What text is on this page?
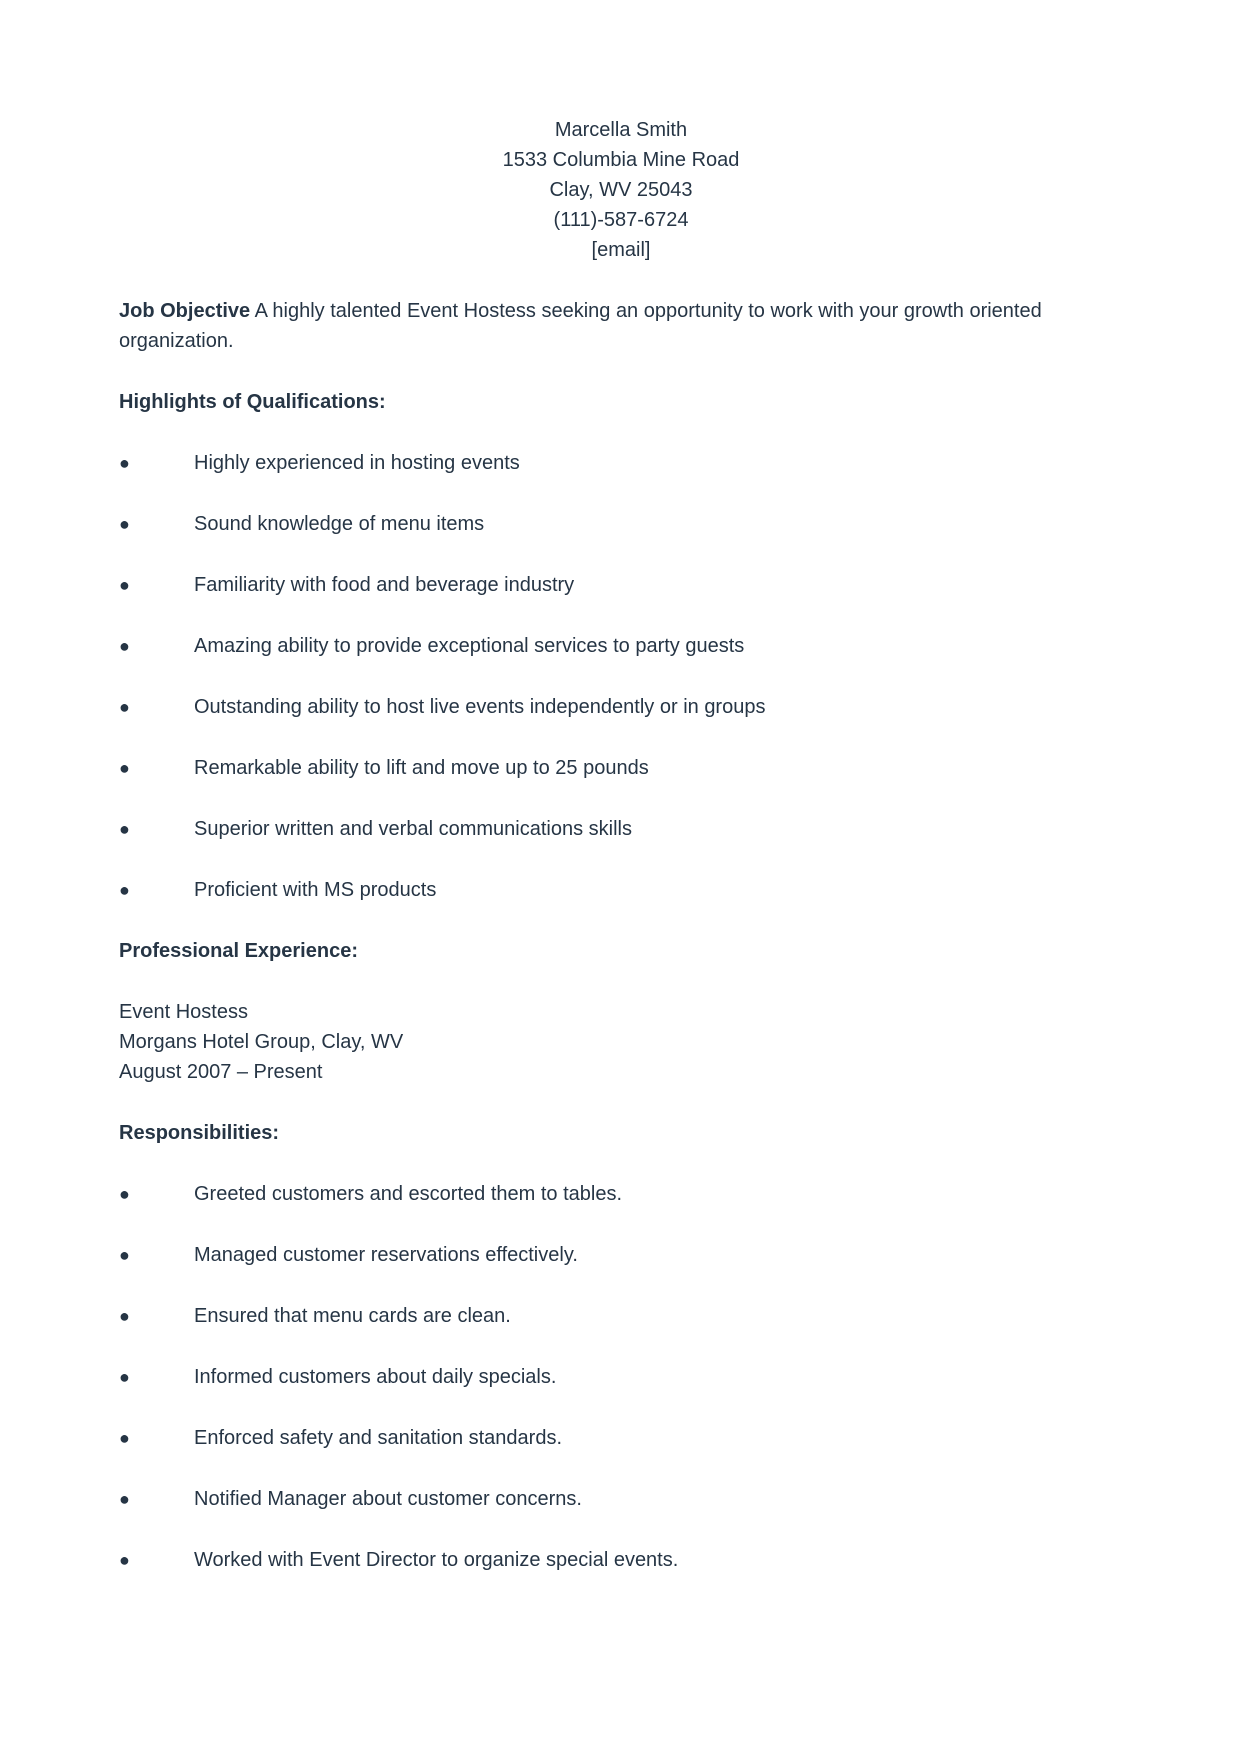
Marcella Smith
1533 Columbia Mine Road
Clay, WV 25043
(111)-587-6724
[email]

Job Objective A highly talented Event Hostess seeking an opportunity to work with your growth oriented organization.

Highlights of Qualifications:
●	Highly experienced in hosting events
●	Sound knowledge of menu items
●	Familiarity with food and beverage industry
●	Amazing ability to provide exceptional services to party guests
●	Outstanding ability to host live events independently or in groups
●	Remarkable ability to lift and move up to 25 pounds
●	Superior written and verbal communications skills
●	Proficient with MS products
Professional Experience:
Event Hostess
Morgans Hotel Group, Clay, WV
August 2007 – Present
Responsibilities:
●	Greeted customers and escorted them to tables.
●	Managed customer reservations effectively.
●	Ensured that menu cards are clean.
●	Informed customers about daily specials.
●	Enforced safety and sanitation standards.
●	Notified Manager about customer concerns.
●	Worked with Event Director to organize special events.
